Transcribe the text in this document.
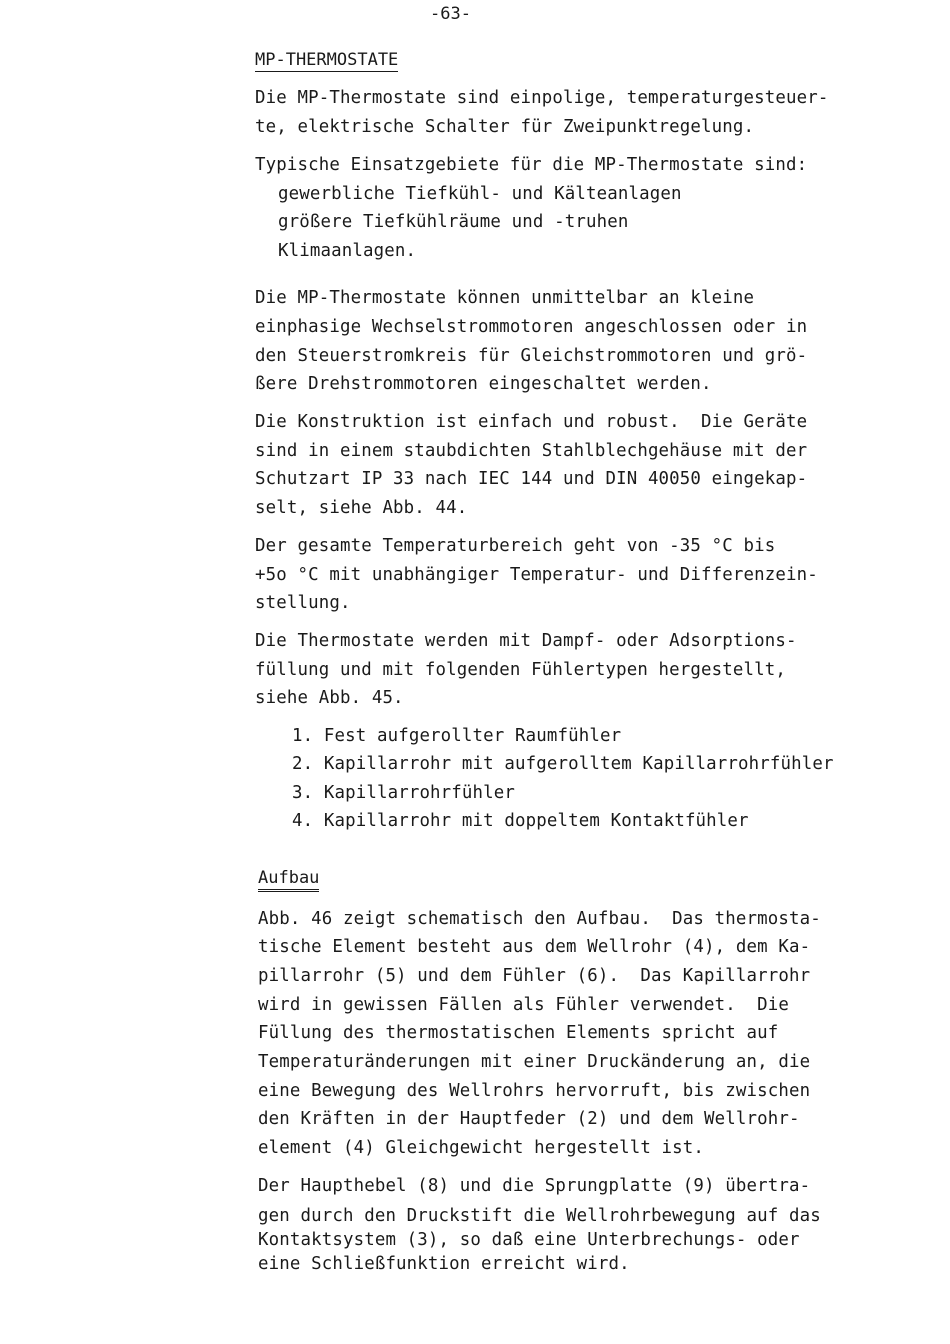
-63-
MP-THERMOSTATE
Die MP-Thermostate sind einpolige, temperaturgesteuer-
te, elektrische Schalter für Zweipunktregelung.
Typische Einsatzgebiete für die MP-Thermostate sind:
gewerbliche Tiefkühl- und Kälteanlagen
größere Tiefkühlräume und -truhen
Klimaanlagen.
Die MP-Thermostate können unmittelbar an kleine
einphasige Wechselstrommotoren angeschlossen oder in
den Steuerstromkreis für Gleichstrommotoren und grö-
ßere Drehstrommotoren eingeschaltet werden.
Die Konstruktion ist einfach und robust.  Die Geräte
sind in einem staubdichten Stahlblechgehäuse mit der
Schutzart IP 33 nach IEC 144 und DIN 40050 eingekap-
selt, siehe Abb. 44.
Der gesamte Temperaturbereich geht von -35 °C bis
+5o °C mit unabhängiger Temperatur- und Differenzein-
stellung.
Die Thermostate werden mit Dampf- oder Adsorptions-
füllung und mit folgenden Fühlertypen hergestellt,
siehe Abb. 45.
1. Fest aufgerollter Raumfühler
2. Kapillarrohr mit aufgerolltem Kapillarrohrfühler
3. Kapillarrohrfühler
4. Kapillarrohr mit doppeltem Kontaktfühler
Aufbau
Abb. 46 zeigt schematisch den Aufbau.  Das thermosta-
tische Element besteht aus dem Wellrohr (4), dem Ka-
pillarrohr (5) und dem Fühler (6).  Das Kapillarrohr
wird in gewissen Fällen als Fühler verwendet.  Die
Füllung des thermostatischen Elements spricht auf
Temperaturänderungen mit einer Druckänderung an, die
eine Bewegung des Wellrohrs hervorruft, bis zwischen
den Kräften in der Hauptfeder (2) und dem Wellrohr-
element (4) Gleichgewicht hergestellt ist.
Der Haupthebel (8) und die Sprungplatte (9) übertra-
gen durch den Druckstift die Wellrohrbewegung auf das
Kontaktsystem (3), so daß eine Unterbrechungs- oder
eine Schließfunktion erreicht wird.
